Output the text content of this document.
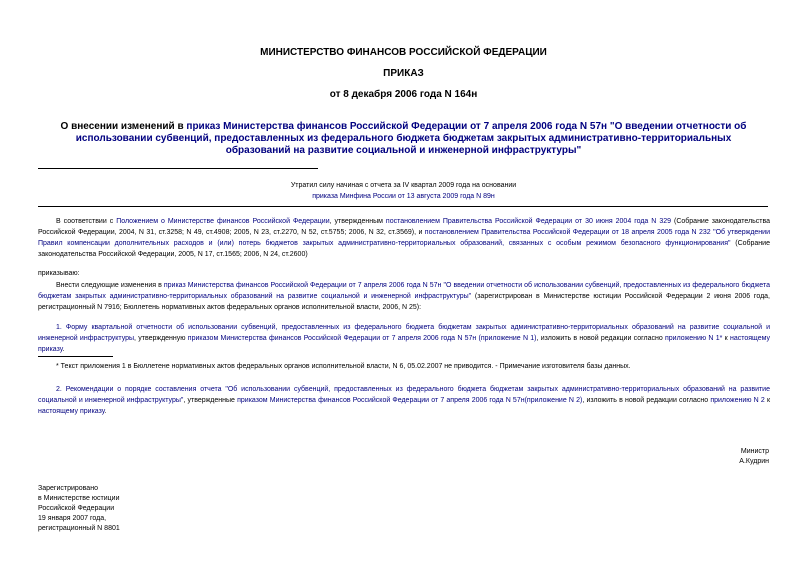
МИНИСТЕРСТВО ФИНАНСОВ РОССИЙСКОЙ ФЕДЕРАЦИИ
ПРИКАЗ
от 8 декабря 2006 года N 164н
О внесении изменений в приказ Министерства финансов Российской Федерации от 7 апреля 2006 года N 57н "О введении отчетности об использовании субвенций, предоставленных из федерального бюджета бюджетам закрытых административно-территориальных образований на развитие социальной и инженерной инфраструктуры"
Утратил силу начиная с отчета за IV квартал 2009 года на основании
приказа Минфина России от 13 августа 2009 года N 89н
В соответствии с Положением о Министерстве финансов Российской Федерации, утвержденным постановлением Правительства Российской Федерации от 30 июня 2004 года N 329 (Собрание законодательства Российской Федерации, 2004, N 31, ст.3258; N 49, ст.4908; 2005, N 23, ст.2270, N 52, ст.5755; 2006, N 32, ст.3569), и постановлением Правительства Российской Федерации от 18 апреля 2005 года N 232 "Об утверждении Правил компенсации дополнительных расходов и (или) потерь бюджетов закрытых административно-территориальных образований, связанных с особым режимом безопасного функционирования" (Собрание законодательства Российской Федерации, 2005, N 17, ст.1565; 2006, N 24, ст.2600)
приказываю:
Внести следующие изменения в приказ Министерства финансов Российской Федерации от 7 апреля 2006 года N 57н "О введении отчетности об использовании субвенций, предоставленных из федерального бюджета бюджетам закрытых административно-территориальных образований на развитие социальной и инженерной инфраструктуры" (зарегистрирован в Министерстве юстиции Российской Федерации 2 июня 2006 года, регистрационный N 7916; Бюллетень нормативных актов федеральных органов исполнительной власти, 2006, N 25):
1. Форму квартальной отчетности об использовании субвенций, предоставленных из федерального бюджета бюджетам закрытых административно-территориальных образований на развитие социальной и инженерной инфраструктуры, утвержденную приказом Министерства финансов Российской Федерации от 7 апреля 2006 года N 57н (приложение N 1), изложить в новой редакции согласно приложению N 1* к настоящему приказу.
* Текст приложения 1 в Бюллетене нормативных актов федеральных органов исполнительной власти, N 6, 05.02.2007 не приводится. - Примечание изготовителя базы данных.
2. Рекомендации о порядке составления отчета "Об использовании субвенций, предоставленных из федерального бюджета бюджетам закрытых административно-территориальных образований на развитие социальной и инженерной инфраструктуры", утвержденные приказом Министерства финансов Российской Федерации от 7 апреля 2006 года N 57н(приложение N 2), изложить в новой редакции согласно приложению N 2 к настоящему приказу.
Министр
А.Кудрин
Зарегистрировано
в Министерстве юстиции
Российской Федерации
19 января 2007 года,
регистрационный N 8801
